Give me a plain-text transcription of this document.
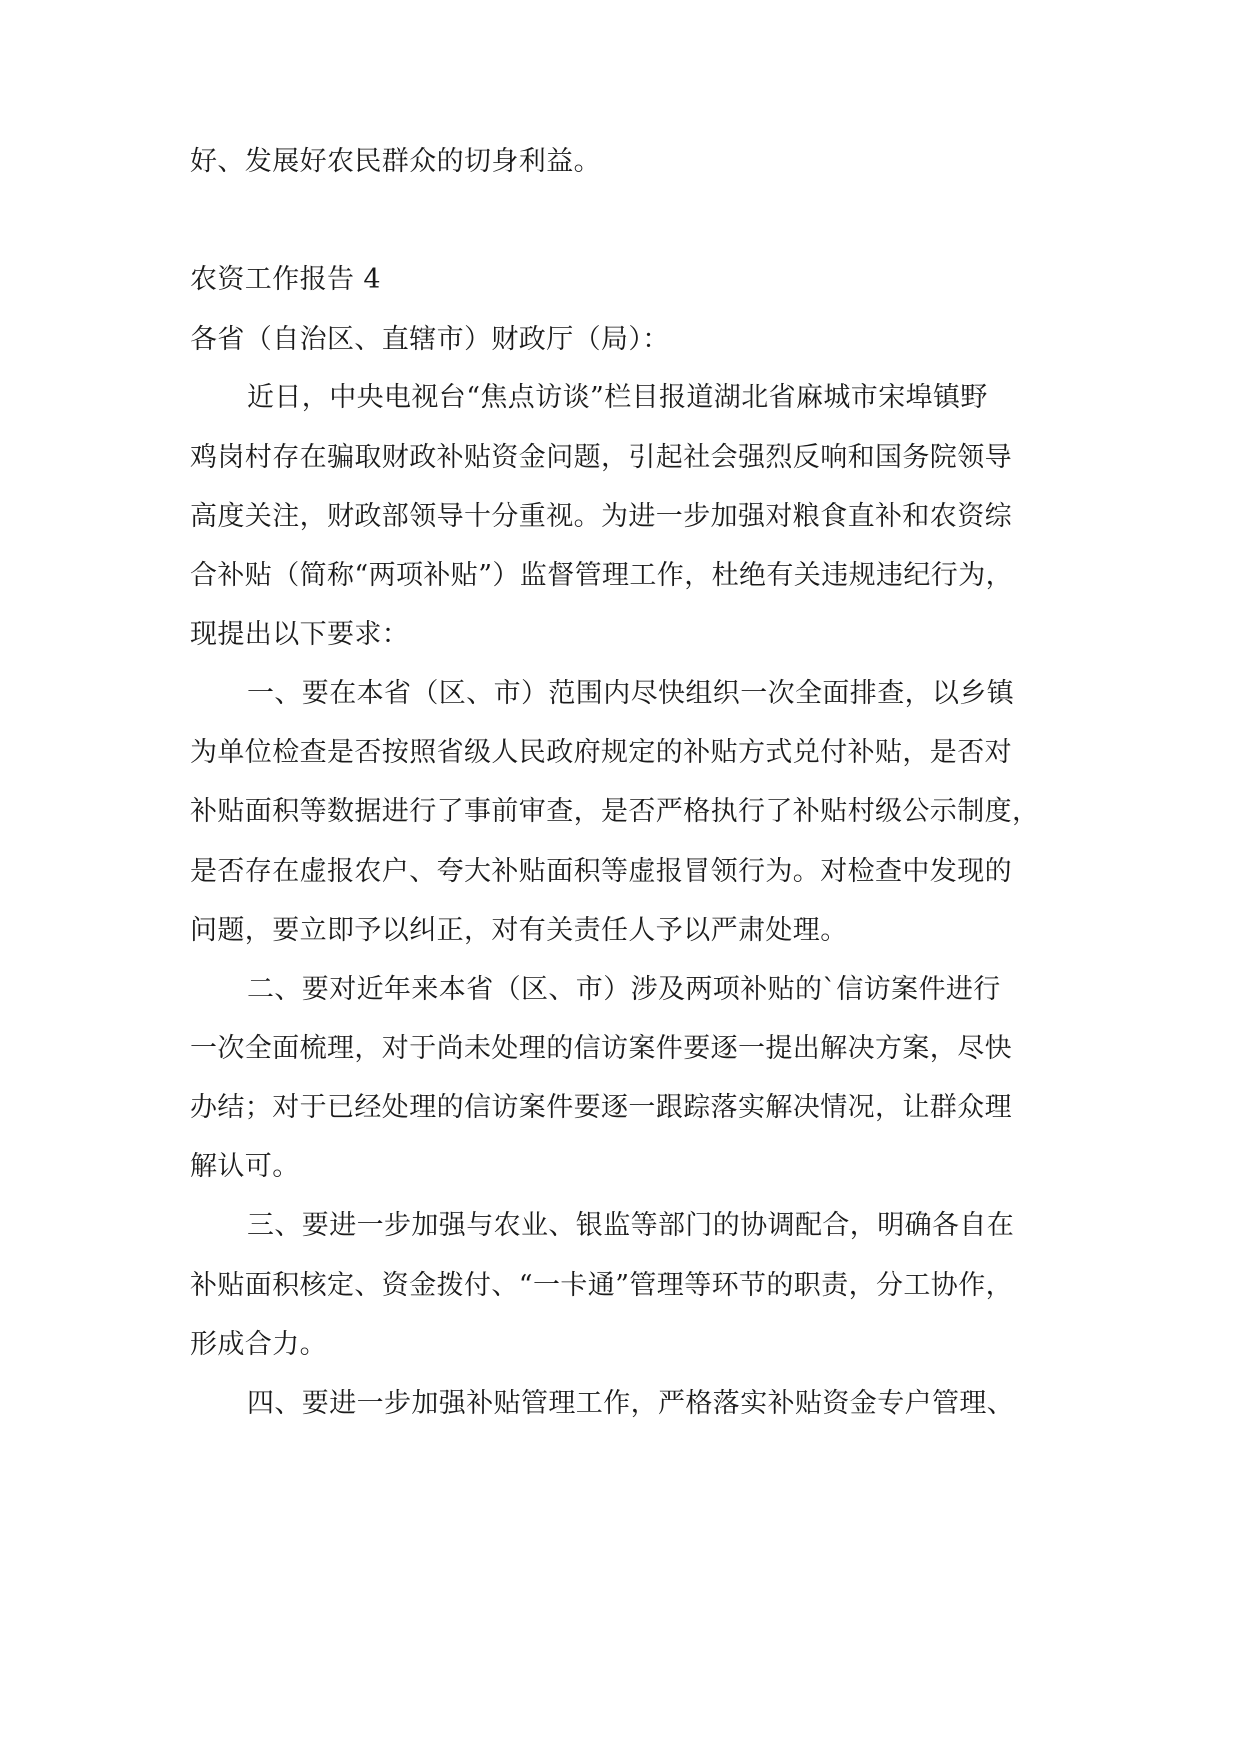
好、发展好农民群众的切身利益。
农资工作报告 4
各省（自治区、直辖市）财政厅（局）：
近日，中央电视台“焦点访谈”栏目报道湖北省麻城市宋埠镇野
鸡岗村存在骗取财政补贴资金问题，引起社会强烈反响和国务院领导
高度关注，财政部领导十分重视。为进一步加强对粮食直补和农资综
合补贴（简称“两项补贴”）监督管理工作，杜绝有关违规违纪行为，
现提出以下要求：
一、要在本省（区、市）范围内尽快组织一次全面排查，以乡镇
为单位检查是否按照省级人民政府规定的补贴方式兑付补贴，是否对
补贴面积等数据进行了事前审查，是否严格执行了补贴村级公示制度，
是否存在虚报农户、夸大补贴面积等虚报冒领行为。对检查中发现的
问题，要立即予以纠正，对有关责任人予以严肃处理。
二、要对近年来本省（区、市）涉及两项补贴的`信访案件进行
一次全面梳理，对于尚未处理的信访案件要逐一提出解决方案，尽快
办结；对于已经处理的信访案件要逐一跟踪落实解决情况，让群众理
解认可。
三、要进一步加强与农业、银监等部门的协调配合，明确各自在
补贴面积核定、资金拨付、“一卡通”管理等环节的职责，分工协作，
形成合力。
四、要进一步加强补贴管理工作，严格落实补贴资金专户管理、
